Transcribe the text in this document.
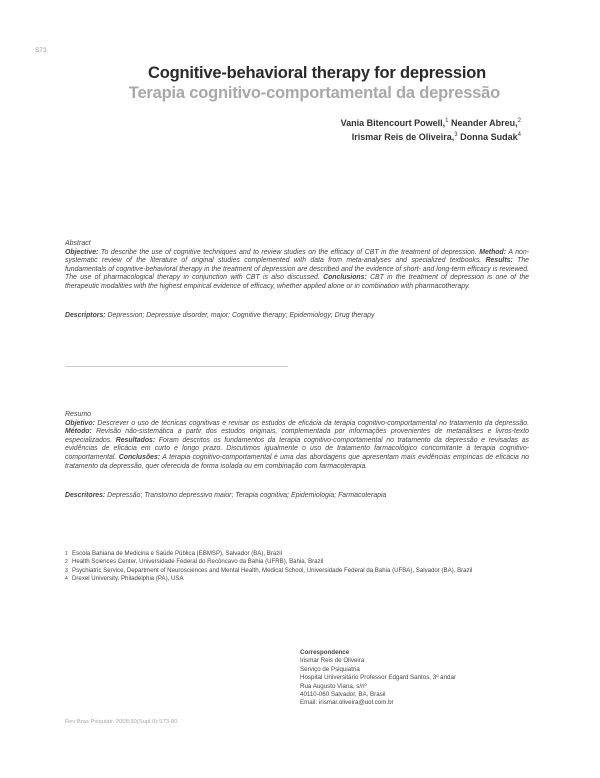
S73
Cognitive-behavioral therapy for depression
Terapia cognitivo-comportamental da depressão
Vania Bitencourt Powell,$^1$ Neander Abreu,$^2$
Irismar Reis de Oliveira,$^3$ Donna Sudak$^4$
Abstract
Objective: To describe the use of cognitive techniques and to review studies on the efficacy of CBT in the treatment of depression. Method: A non-systematic review of the literature of original studies complemented with data from meta-analyses and specialized textbooks. Results: The fundamentals of cognitive-behavioral therapy in the treatment of depression are described and the evidence of short- and long-term efficacy is reviewed. The use of pharmacological therapy in conjunction with CBT is also discussed. Conclusions: CBT in the treatment of depression is one of the therapeutic modalities with the highest empirical evidence of efficacy, whether applied alone or in combination with pharmacotherapy.
Descriptors: Depression; Depressive disorder, major; Cognitive therapy; Epidemiology; Drug therapy
Resumo
Objetivo: Descrever o uso de técnicas cognitivas e revisar os estudos de eficácia da terapia cognitivo-comportamental no tratamento da depressão. Método: Revisão não-sistemática a partir dos estudos originais, complementada por informações provenientes de metanálises e livros-texto especializados. Resultados: Foram descritos os fundamentos da terapia cognitivo-comportamental no tratamento da depressão e revisadas as evidências de eficácia em curto e longo prazo. Discutimos igualmente o uso de tratamento farmacológico concomitante à terapia cognitivo-comportamental. Conclusões: A terapia cognitivo-comportamental é uma das abordagens que apresentam mais evidências empíricas de eficácia no tratamento da depressão, quer oferecida de forma isolada ou em combinação com farmacoterapia.
Descritores: Depressão; Transtorno depressivo maior; Terapia cognitiva; Epidemiologia; Farmacoterapia
1 Escola Bahiana de Medicina e Saúde Pública (EBMSP), Salvador (BA), Brazil
2 Health Sciences Center, Universidade Federal do Recôncavo da Bahia (UFRB), Bahia, Brazil
3 Psychiatric Service, Department of Neurosciences and Mental Health, Medical School, Universidade Federal da Bahia (UFBA), Salvador (BA), Brazil
4 Drexel University, Philadelphia (PA), USA
Correspondence
Irismar Reis de Oliveira
Serviço de Psiquiatria
Hospital Universitário Professor Edgard Santos, 3º andar
Rua Augusto Viana, s/nº
40110-060 Salvador, BA, Brasil
Email: irismar.oliveira@uol.com.br
Rev Bras Psiquiatr. 2008;30(Supl II):S73-80
